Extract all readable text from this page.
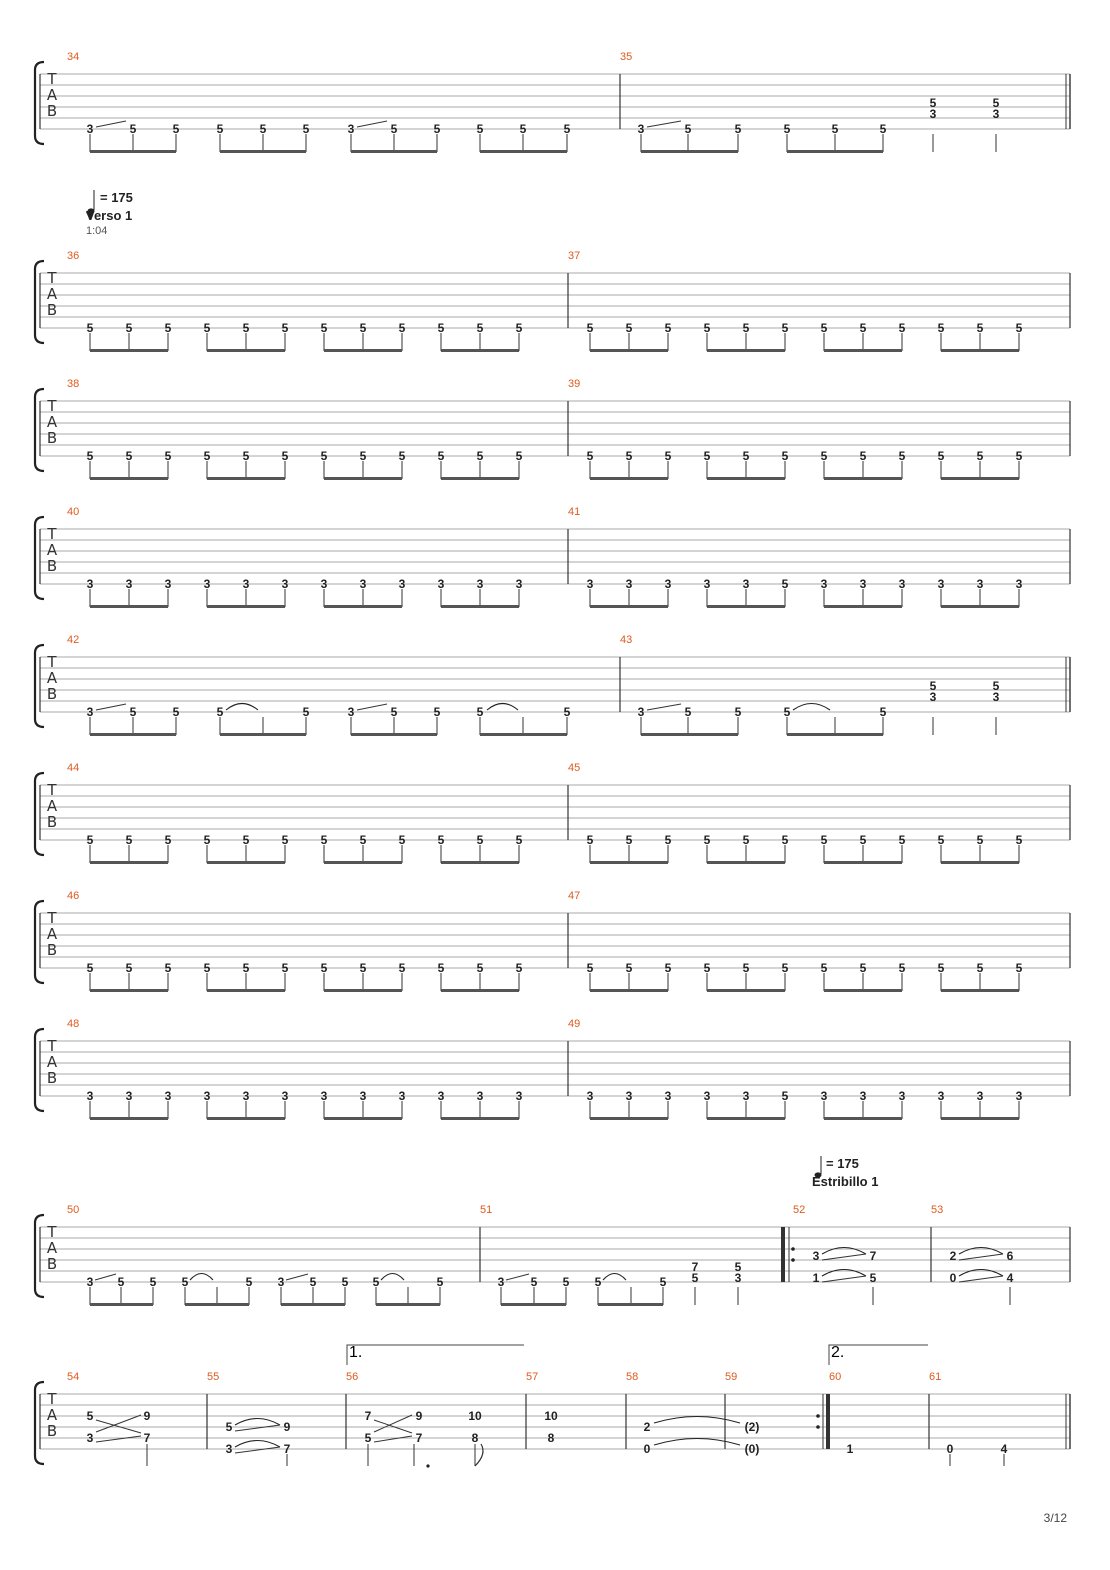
T
A
B
34	35
3	5	5	5	5	5	3	5	5	5	5	5	3	5	5	5	5	5
5
3
5
3
= 175
Verso 1
1:04
T
A
B
36	37
5	5	5	5	5	5
5	5	5	5	5	5
5	5	5	5	5	5
5	5	5	5	5	5
T
A
B
38	39
5	5	5	5	5	5
5	5	5	5	5	5
5	5	5	5	5	5
5	5	5	5	5	5
T
A
B
40	41
3	3	3	3	3	3
3	3	3	3	3	5
3	3	3	3	3	3
3	3	3	3	3	3
T
A
B
42	43
3	5	5	5	5	3	5	5	5	5	3	5	5	5	5
5
3
5
3
T
A
B
44	45
5	5	5	5	5	5
5	5	5	5	5	5
5	5	5	5	5	5
5	5	5	5	5	5
T
A
B
46	47
5	5	5	5	5	5
5	5	5	5	5	5
5	5	5	5	5	5
5	5	5	5	5	5
T
A
B
48	49
3	3	3	3	3	3
3	3	3	3	3	5
3	3	3	3	3	3
3	3	3	3	3	3
= 175
Estribillo 1
T
A
B
50	51	52	53
3 5 5 5	5 3 5 5 5	5	3 5 5 5	5
7
5
5
3
3
1
7
5
2
0
6
4
T
A
B
54	55	56	57	58	59	60	61
1.	2.
5
3
9
7
5
3
9
7
7
5
9
7
10
8
10
8
2
0
(2)
(0)	1	0	4
3/12
